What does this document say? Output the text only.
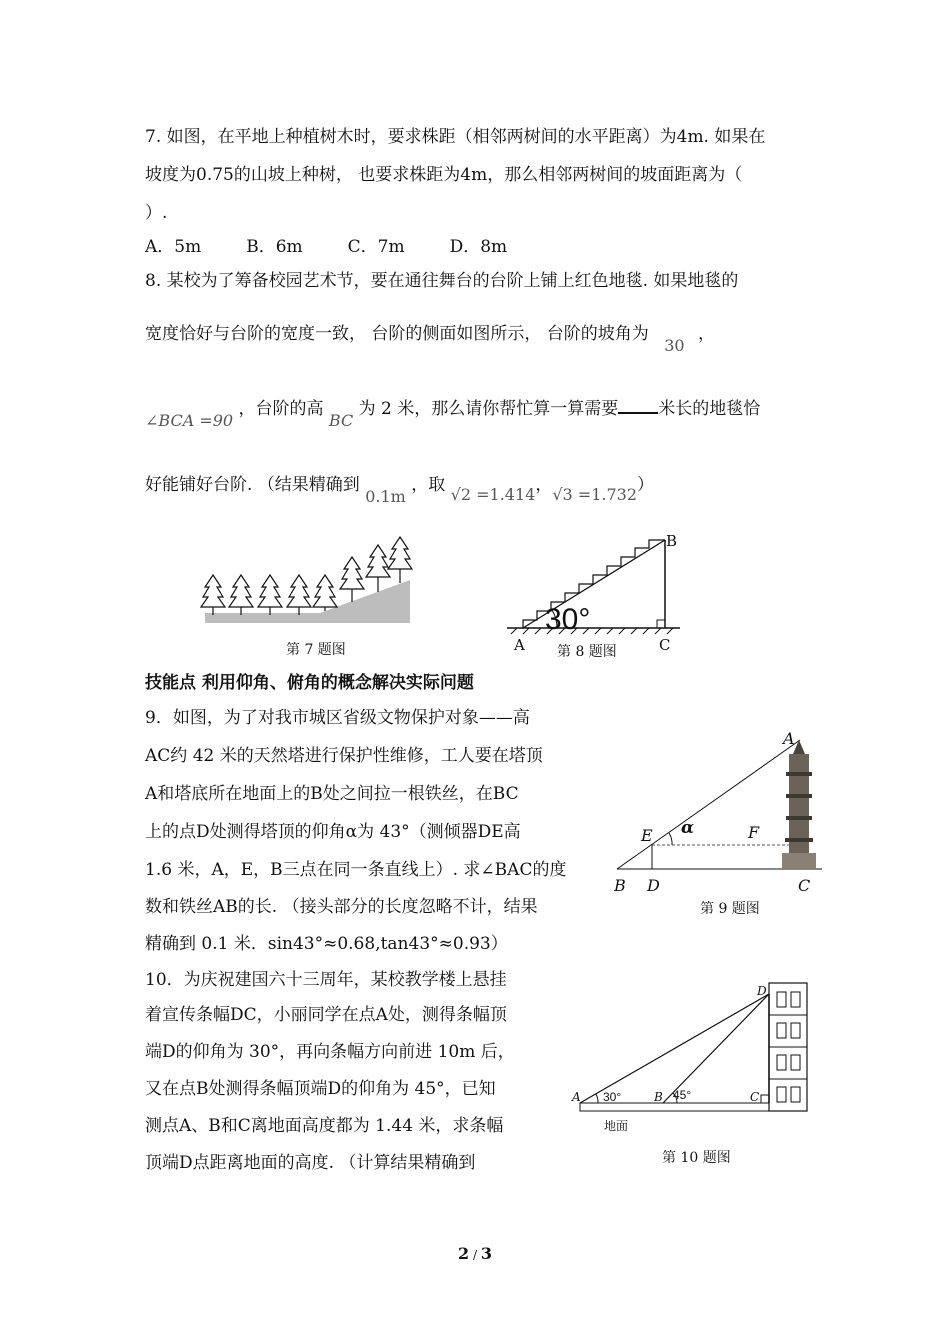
7. 如图，在平地上种植树木时，要求株距（相邻两树间的水平距离）为4m. 如果在
坡度为0.75的山坡上种树， 也要求株距为4m，那么相邻两树间的坡面距离为（
）.
A．5m	B．6m	C．7m	D．8m
8. 某校为了筹备校园艺术节，要在通往舞台的台阶上铺上红色地毯. 如果地毯的
宽度恰好与台阶的宽度一致， 台阶的侧面如图所示， 台阶的坡角为 30 ，
∠BCA =90 ，台阶的高 BC 为 2 米，那么请你帮忙算一算需要 米长的地毯恰
好能铺好台阶. （结果精确到 0.1m ，取 √2 =1.414，√3 =1.732）
第 7 题图
30°
B
A	C
第 8 题图
技能点 利用仰角、俯角的概念解决实际问题
9．如图，为了对我市城区省级文物保护对象——高
AC约 42 米的天然塔进行保护性维修，工人要在塔顶
A和塔底所在地面上的B处之间拉一根铁丝，在BC
上的点D处测得塔顶的仰角α为 43°（测倾器DE高
1.6 米，A，E，B三点在同一条直线上）. 求∠BAC的度
数和铁丝AB的长. （接头部分的长度忽略不计，结果
精确到 0.1 米．sin43°≈0.68,tan43°≈0.93）
A
E α	F
B D	C
第 9 题图
10．为庆祝建国六十三周年，某校教学楼上悬挂
着宣传条幅DC，小丽同学在点A处，测得条幅顶
端D的仰角为 30°，再向条幅方向前进 10m 后，
又在点B处测得条幅顶端D的仰角为 45°，已知
测点A、B和C离地面高度都为 1.44 米，求条幅
顶端D点距离地面的高度. （计算结果精确到
A 30°	B 45°	C
D
地面
第 10 题图
2 / 3
